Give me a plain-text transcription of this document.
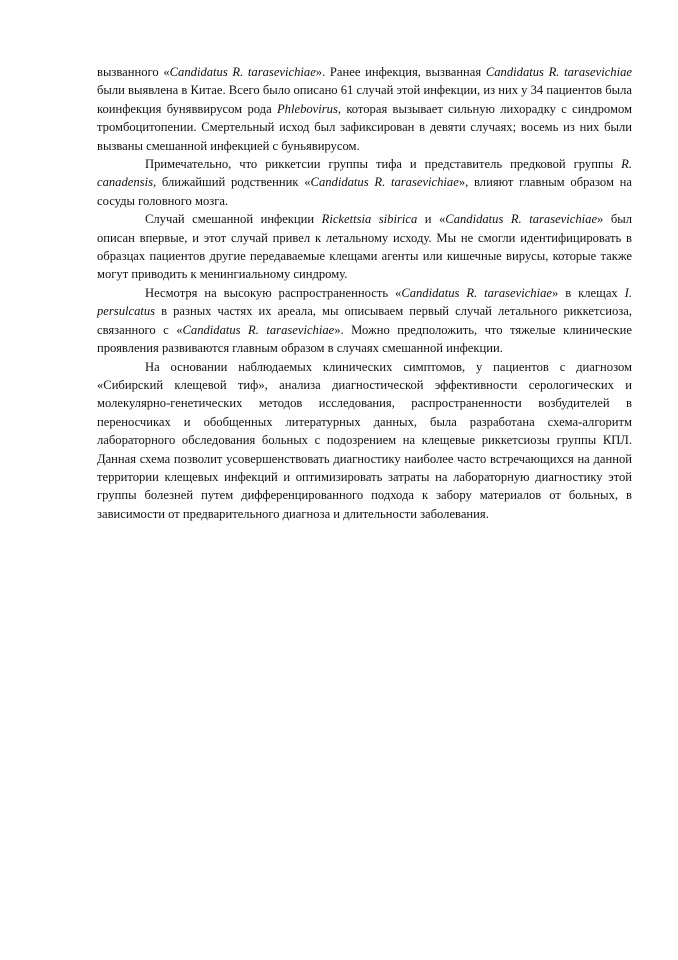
вызванного «Candidatus R. tarasevichiae». Ранее инфекция, вызванная Candidatus R. tarasevichiae были выявлена в Китае. Всего было описано 61 случай этой инфекции, из них у 34 пациентов была коинфекция буняввирусом рода Phlebovirus, которая вызывает сильную лихорадку с синдромом тромбоцитопении. Смертельный исход был зафиксирован в девяти случаях; восемь из них были вызваны смешанной инфекцией с буньявирусом.

Примечательно, что риккетсии группы тифа и представитель предковой группы R. canadensis, ближайший родственник «Candidatus R. tarasevichiae», влияют главным образом на сосуды головного мозга.

Случай смешанной инфекции Rickettsia sibirica и «Candidatus R. tarasevichiae» был описан впервые, и этот случай привел к летальному исходу. Мы не смогли идентифицировать в образцах пациентов другие передаваемые клещами агенты или кишечные вирусы, которые также могут приводить к менингиальному синдрому.

Несмотря на высокую распространенность «Candidatus R. tarasevichiae» в клещах I. persulcatus в разных частях их ареала, мы описываем первый случай летального риккетсиоза, связанного с «Candidatus R. tarasevichiae». Можно предположить, что тяжелые клинические проявления развиваются главным образом в случаях смешанной инфекции.

На основании наблюдаемых клинических симптомов, у пациентов с диагнозом «Сибирский клещевой тиф», анализа диагностической эффективности серологических и молекулярно-генетических методов исследования, распространенности возбудителей в переносчиках и обобщенных литературных данных, была разработана схема-алгоритм лабораторного обследования больных с подозрением на клещевые риккетсиозы группы КПЛ. Данная схема позволит усовершенствовать диагностику наиболее часто встречающихся на данной территории клещевых инфекций и оптимизировать затраты на лабораторную диагностику этой группы болезней путем дифференцированного подхода к забору материалов от больных, в зависимости от предварительного диагноза и длительности заболевания.
